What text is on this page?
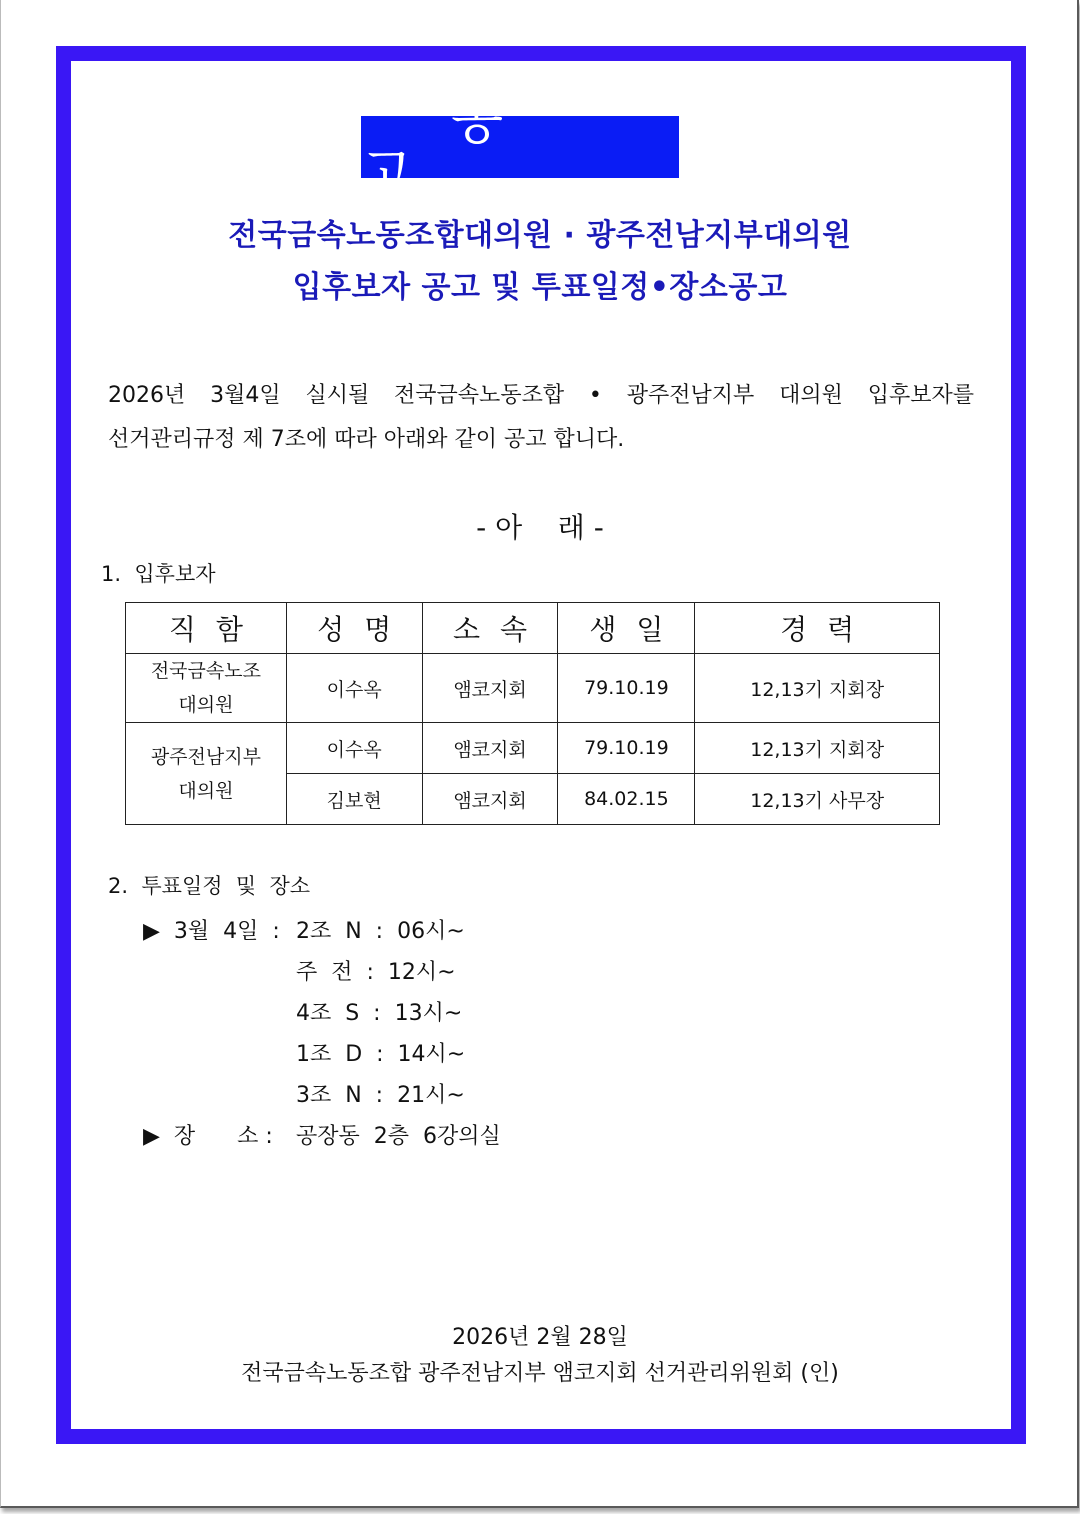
공 고
전국금속노동조합대의원 · 광주전남지부대의원
입후보자 공고 및 투표일정•장소공고
2026년 3월4일 실시될 전국금속노동조합 • 광주전남지부 대의원 입후보자를
선거관리규정 제 7조에 따라 아래와 같이 공고 합니다.
- 아    래 -
1.  입후보자
직함	성명	소속	생일	경력

전국금속노조
대의원	이수옥	앰코지회	79.10.19	12,13기 지회장

광주전남지부
대의원	이수옥	앰코지회	79.10.19	12,13기 지회장
	김보현	앰코지회	84.02.15	12,13기 사무장
2.  투표일정  및  장소
▶  3월  4일  : 2조  N  :  06시~
주  전  :  12시~
4조  S  :  13시~
1조  D  :  14시~
3조  N  :  21시~
▶  장      소 : 공장동  2층  6강의실
2026년 2월 28일
전국금속노동조합 광주전남지부 앰코지회 선거관리위원회 (인)
